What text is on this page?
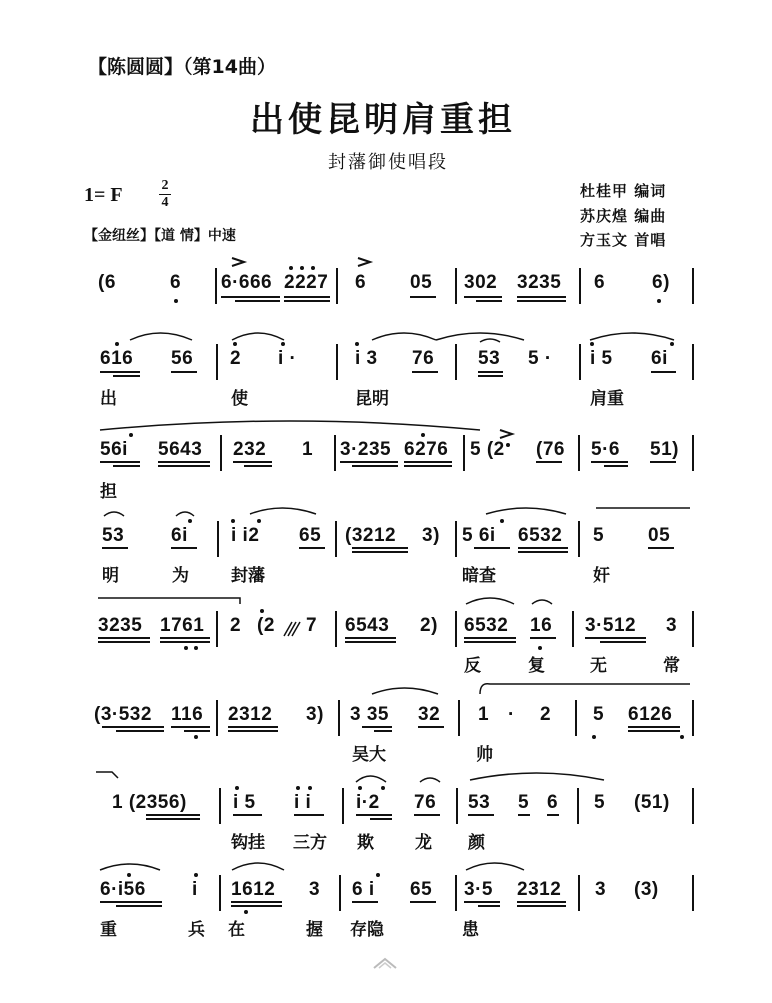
【陈圆圆】（第14曲）
出使昆明肩重担
封藩御使唱段
1= F	2
4
【金纽丝】【道 情】中速
杜桂甲 编词
苏庆煌 编曲
方玉文 首唱
(6	6 6·666 2227 6 05 302 3235 6 6)
616 56 2 i ·	i 3 76 53 5 · i 5 6i
出	使	昆明	肩重
56i 5643 232 1 3·235 6276 5 (2 (76 5·6 51)
担
53 6i i i2 65 (3212 3) 5 6i 6532 5 05
明	为 封藩	暗查	奸
3235 1761 2 (2 7 6543 2) 6532 16 3·512 3
反	复	无	常
(3·532 116 2312 3) 3 35 32 1 · 2 5 6126
吴大	帅
1 (2356) i 5 i i i·2 76 53 5 6 5 (51)
钩挂 三方 欺 龙 颜
6·i56 i 1612 3 6 i 65 3·5 2312 3 (3)
重	兵 在	握 存隐	患
